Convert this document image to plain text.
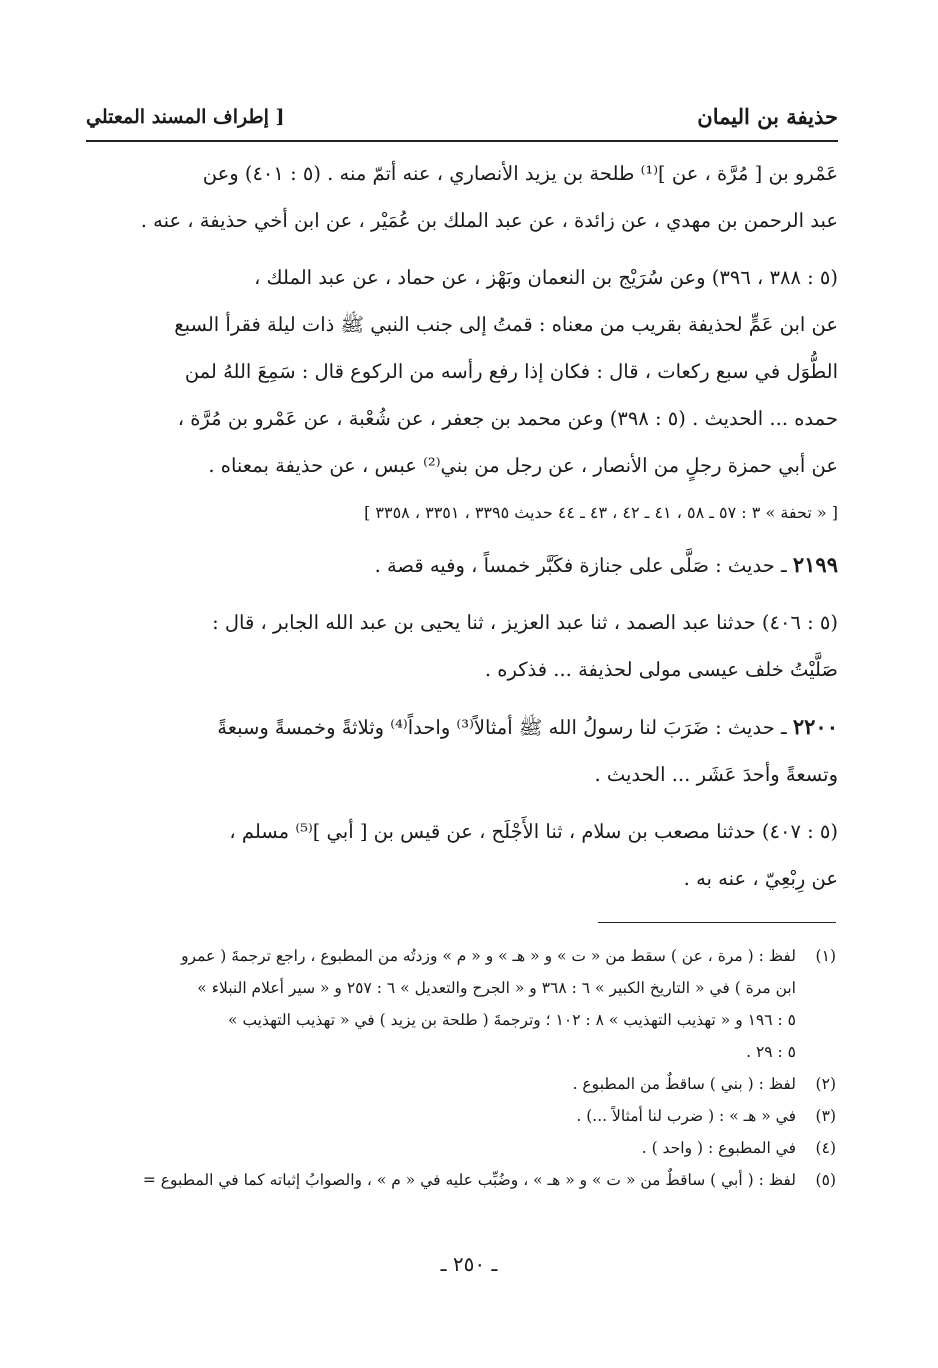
حذيفة بن اليمان
[ إطراف المسند المعتلي

عَمْرو بن [ مُرَّة ، عن ]⁽¹⁾ طلحة بن يزيد الأنصاري ، عنه أتمّ منه . (٥ : ٤٠١) وعن

عبد الرحمن بن مهدي ، عن زائدة ، عن عبد الملك بن عُمَيْر ، عن ابن أخي حذيفة ، عنه .

(٥ : ٣٨٨ ، ٣٩٦) وعن سُرَيْج بن النعمان وبَهْز ، عن حماد ، عن عبد الملك ،

عن ابن عَمٍّ لحذيفة بقريب من معناه : قمتُ إلى جنب النبي ﷺ ذات ليلة فقرأ السبع

الطُّوَل في سبع ركعات ، قال : فكان إذا رفع رأسه من الركوع قال : سَمِعَ اللهُ لمن

حمده ... الحديث . (٥ : ٣٩٨) وعن محمد بن جعفر ، عن شُعْبة ، عن عَمْرو بن مُرَّة ،

عن أبي حمزة رجلٍ من الأنصار ، عن رجل من بني⁽²⁾ عبس ، عن حذيفة بمعناه .

[ « تحفة » ٣ : ٥٧ ـ ٥٨ ، ٤١ ـ ٤٢ ، ٤٣ ـ ٤٤ حديث ٣٣٩٥ ، ٣٣٥١ ، ٣٣٥٨ ]

٢١٩٩ ـ حديث : صَلَّى على جنازة فكَبَّر خمساً ، وفيه قصة .

(٥ : ٤٠٦) حدثنا عبد الصمد ، ثنا عبد العزيز ، ثنا يحيى بن عبد الله الجابر ، قال :

صَلَّيْتُ خلف عيسى مولى لحذيفة ... فذكره .

٢٢٠٠ ـ حديث : ضَرَبَ لنا رسولُ الله ﷺ أمثالاً⁽³⁾ واحداً⁽⁴⁾ وثلاثةً وخمسةً وسبعةً

وتسعةً وأحدَ عَشَر ... الحديث .

(٥ : ٤٠٧) حدثنا مصعب بن سلام ، ثنا الأَجْلَح ، عن قيس بن [ أبي ]⁽⁵⁾ مسلم ،

عن رِبْعِيّ ، عنه به .

(١)
لفظ : ( مرة ، عن ) سقط من « ت » و « هـ » و « م » وزدتُه من المطبوع ، راجع ترجمةَ ( عمرو
ابن مرة ) في « التاريخ الكبير » ٦ : ٣٦٨ و « الجرح والتعديل » ٦ : ٢٥٧ و « سير أعلام النبلاء »
٥ : ١٩٦ و « تهذيب التهذيب » ٨ : ١٠٢ ؛ وترجمةَ ( طلحة بن يزيد ) في « تهذيب التهذيب »
٥ : ٢٩ .
(٢)
لفظ : ( بني ) ساقطٌ من المطبوع .
(٣)
في « هـ » : ( ضرب لنا أمثالاً ...) .
(٤)
في المطبوع : ( واحد ) .
(٥)
لفظ : ( أبي ) ساقطٌ من « ت » و « هـ » ، وضُبِّب عليه في « م » ، والصوابُ إثباته كما في المطبوع =
ـ ٢٥٠ ـ
